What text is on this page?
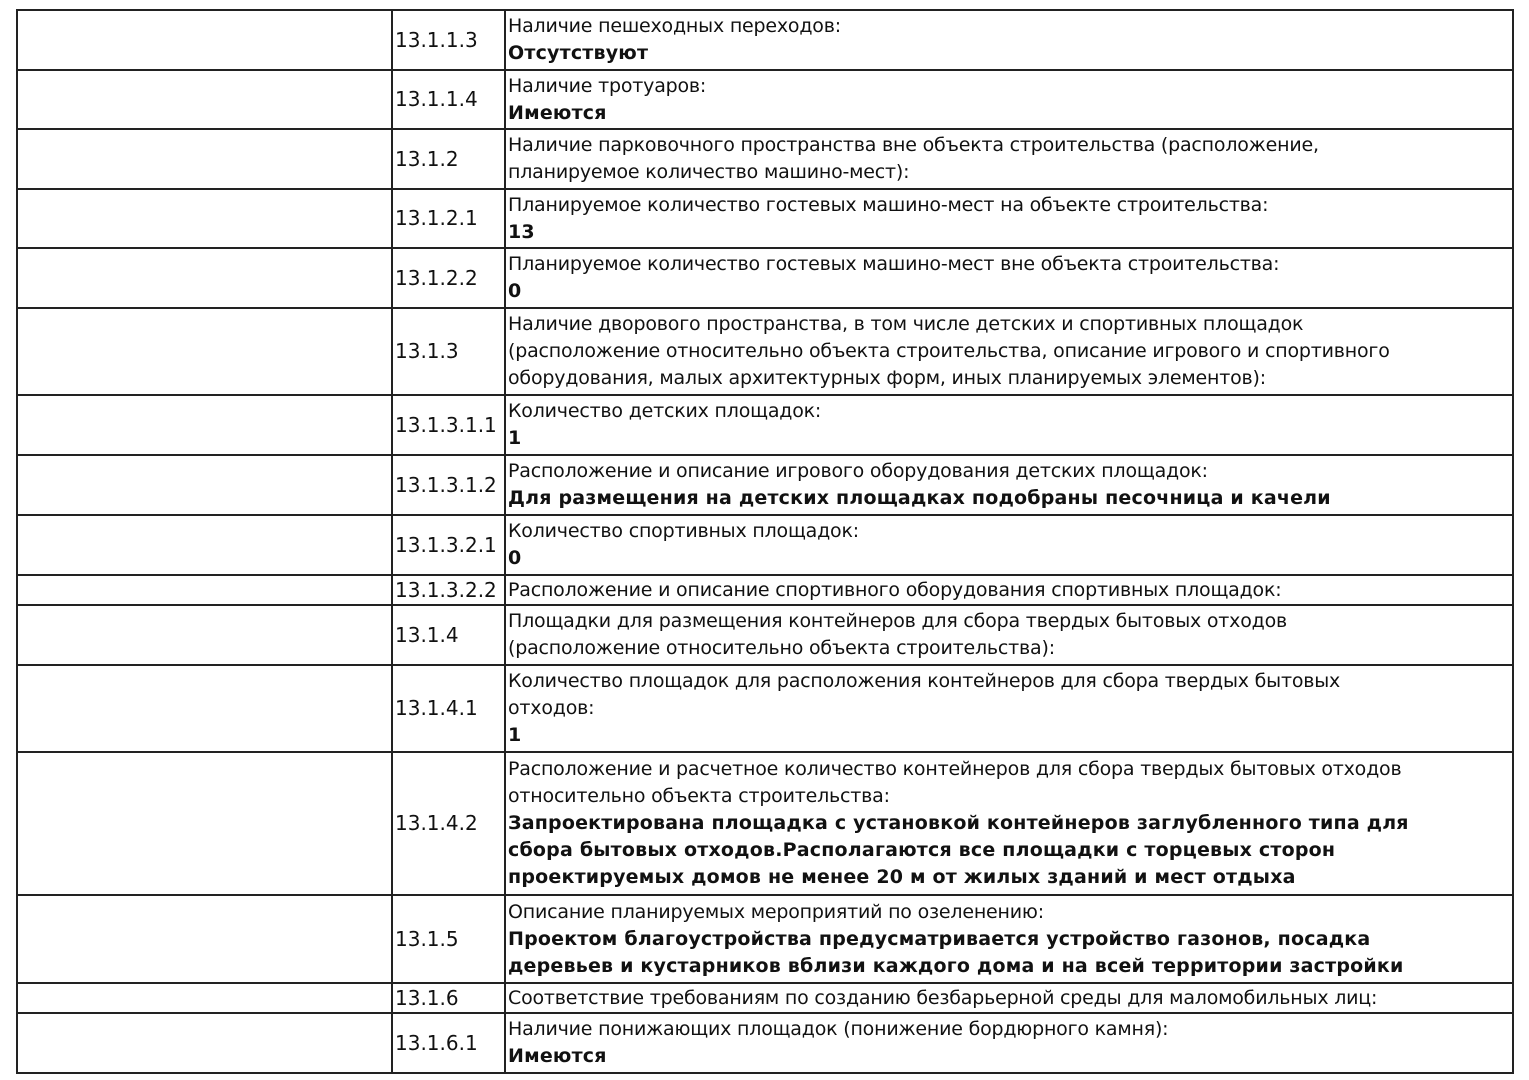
	13.1.1.3	Наличие пешеходных переходов:
Отсутствуют

	13.1.1.4	Наличие тротуаров:
Имеются

	13.1.2	Наличие парковочного пространства вне объекта строительства (расположение,
планируемое количество машино-мест):

	13.1.2.1	Планируемое количество гостевых машино-мест на объекте строительства:
13

	13.1.2.2	Планируемое количество гостевых машино-мест вне объекта строительства:
0

	13.1.3	Наличие дворового пространства, в том числе детских и спортивных площадок
(расположение относительно объекта строительства, описание игрового и спортивного
оборудования, малых архитектурных форм, иных планируемых элементов):

	13.1.3.1.1	Количество детских площадок:
1

	13.1.3.1.2	Расположение и описание игрового оборудования детских площадок:
Для размещения на детских площадках подобраны песочница и качели

	13.1.3.2.1	Количество спортивных площадок:
0

	13.1.3.2.2	Расположение и описание спортивного оборудования спортивных площадок:

	13.1.4	Площадки для размещения контейнеров для сбора твердых бытовых отходов
(расположение относительно объекта строительства):

	13.1.4.1	Количество площадок для расположения контейнеров для сбора твердых бытовых
отходов:
1

	13.1.4.2	Расположение и расчетное количество контейнеров для сбора твердых бытовых отходов
относительно объекта строительства:
Запроектирована площадка с установкой контейнеров заглубленного типа для
сбора бытовых отходов.Располагаются все площадки с торцевых сторон
проектируемых домов не менее 20 м от жилых зданий и мест отдыха

	13.1.5	Описание планируемых мероприятий по озеленению:
Проектом благоустройства предусматривается устройство газонов, посадка
деревьев и кустарников вблизи каждого дома и на всей территории застройки

	13.1.6	Соответствие требованиям по созданию безбарьерной среды для маломобильных лиц:

	13.1.6.1	Наличие понижающих площадок (понижение бордюрного камня):
Имеются
